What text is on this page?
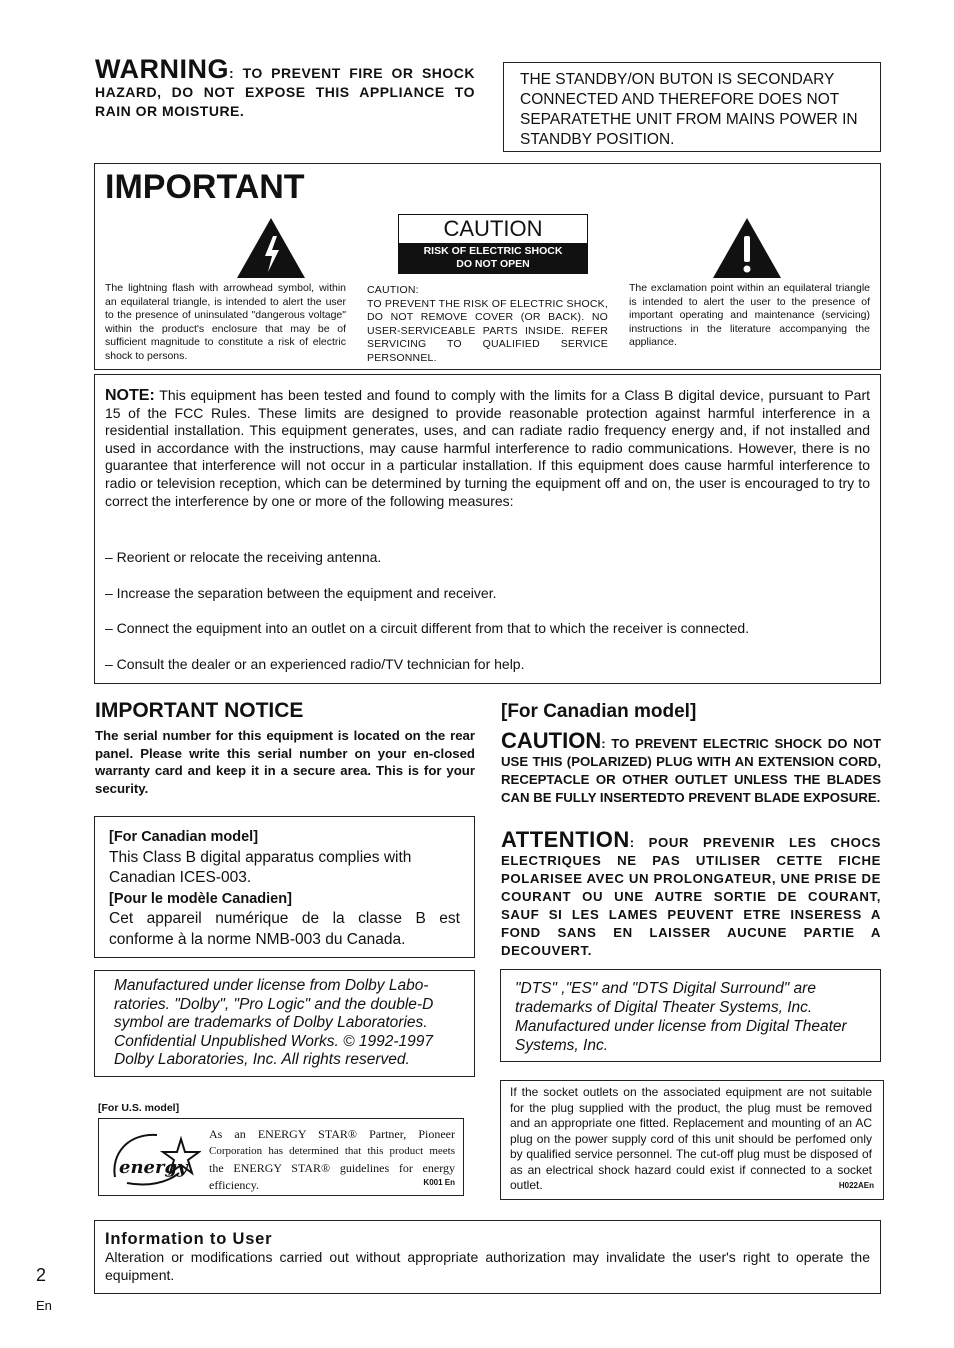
WARNING: TO PREVENT FIRE OR SHOCK HAZARD, DO NOT EXPOSE THIS APPLIANCE TO RAIN OR MOISTURE.
THE STANDBY/ON BUTON IS SECONDARY CONNECTED AND THEREFORE DOES NOT SEPARATETHE UNIT FROM MAINS POWER IN STANDBY POSITION.
IMPORTANT
The lightning flash with arrowhead symbol, within an equilateral triangle, is intended to alert the user to the presence of uninsulated "dangerous voltage" within the product's enclosure that may be of sufficient magnitude to constitute a risk of electric shock to persons.
CAUTION
RISK OF ELECTRIC SHOCK
DO NOT OPEN
CAUTION:
TO PREVENT THE RISK OF ELECTRIC SHOCK, DO NOT REMOVE COVER (OR BACK). NO USER-SERVICEABLE PARTS INSIDE. REFER SERVICING TO QUALIFIED SERVICE PERSONNEL.
The exclamation point within an equilateral triangle is intended to alert the user to the presence of important operating and maintenance (servicing) instructions in the literature accompanying the appliance.

NOTE: This equipment has been tested and found to comply with the limits for a Class B digital device, pursuant to Part 15 of the FCC Rules. These limits are designed to provide reasonable protection against harmful interference in a residential installation. This equipment generates, uses, and can radiate radio frequency energy and, if not installed and used in accordance with the instructions, may cause harmful interference to radio communications. However, there is no guarantee that interference will not occur in a particular installation. If this equipment does cause harmful interference to radio or television reception, which can be determined by turning the equipment off and on, the user is encouraged to try to correct the interference by one or more of the following measures:

– Reorient or relocate the receiving antenna.

– Increase the separation between the equipment and receiver.

– Connect the equipment into an outlet on a circuit different from that to which the receiver is connected.

– Consult the dealer or an experienced radio/TV technician for help.

IMPORTANT NOTICE
The serial number for this equipment is located on the rear panel. Please write this serial number on your en-closed warranty card and keep it in a secure area. This is for your security.
[For Canadian model]
This Class B digital apparatus complies with Canadian ICES-003.
[Pour le modèle Canadien]
Cet appareil numérique de la classe B est conforme à la norme NMB-003 du Canada.
Manufactured under license from Dolby Labo-ratories. "Dolby", "Pro Logic" and the double-D symbol are trademarks of Dolby Laboratories. Confidential Unpublished Works. © 1992-1997 Dolby Laboratories, Inc. All rights reserved.
[For U.S. model]
energy
As an ENERGY STAR® Partner, Pioneer
Corporation has determined that this product meets
the ENERGY STAR® guidelines for energy
efficiency.	K001 En
[For Canadian model]
CAUTION: TO PREVENT ELECTRIC SHOCK DO NOT USE THIS (POLARIZED) PLUG WITH AN EXTENSION CORD, RECEPTACLE OR OTHER OUTLET UNLESS THE BLADES CAN BE FULLY INSERTEDTO PREVENT BLADE EXPOSURE.
ATTENTION: POUR PREVENIR LES CHOCS ELECTRIQUES NE PAS UTILISER CETTE FICHE POLARISEE AVEC UN PROLONGATEUR, UNE PRISE DE COURANT OU UNE AUTRE SORTIE DE COURANT, SAUF SI LES LAMES PEUVENT ETRE INSERESS A FOND SANS EN LAISSER AUCUNE PARTIE A DECOUVERT.
"DTS" ,"ES" and "DTS Digital Surround" are trademarks of Digital Theater Systems, Inc. Manufactured under license from Digital Theater Systems, Inc.
If the socket outlets on the associated equipment are not suitable for the plug supplied with the product, the plug must be removed and an appropriate one fitted. Replacement and mounting of an AC plug on the power supply cord of this unit should be perfomed only by qualified service personnel. The cut-off plug must be disposed of as an electrical shock hazard could exist if connected to a socket outlet.	H022AEn
Information to User
Alteration or modifications carried out without appropriate authorization may invalidate the user's right to operate the equipment.
2
En
